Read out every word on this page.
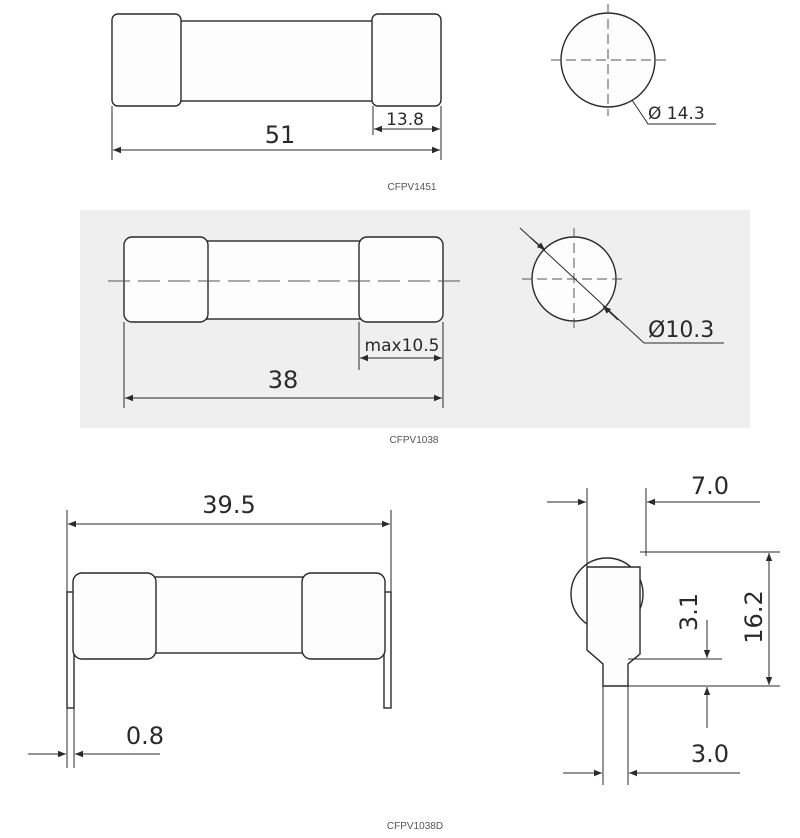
51
13.8	Ø 14.3
CFPV1451
38
max10.5
Ø10.3
CFPV1038
39.5
0.8
7.0
16.2
3.1
3.0
CFPV1038D
